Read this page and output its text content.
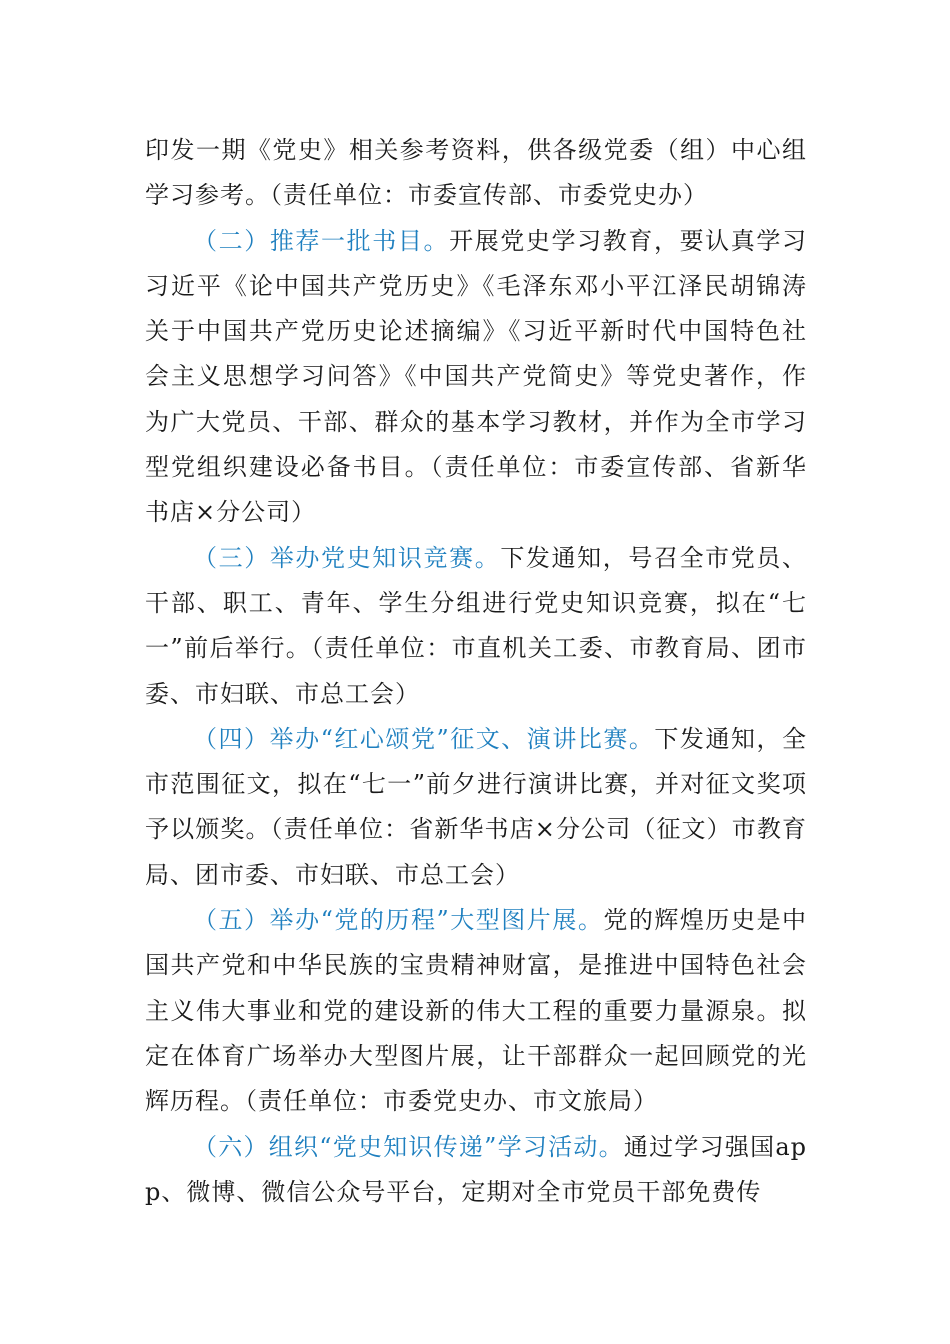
印发一期《党史》相关参考资料，供各级党委（组）中心组学习参考。（责任单位：市委宣传部、市委党史办）

（二）推荐一批书目。开展党史学习教育，要认真学习习近平《论中国共产党历史》《毛泽东邓小平江泽民胡锦涛关于中国共产党历史论述摘编》《习近平新时代中国特色社会主义思想学习问答》《中国共产党简史》等党史著作，作为广大党员、干部、群众的基本学习教材，并作为全市学习型党组织建设必备书目。（责任单位：市委宣传部、省新华书店×分公司）

（三）举办党史知识竞赛。下发通知，号召全市党员、干部、职工、青年、学生分组进行党史知识竞赛，拟在“七一”前后举行。（责任单位：市直机关工委、市教育局、团市委、市妇联、市总工会）

（四）举办“红心颂党”征文、演讲比赛。下发通知，全市范围征文，拟在“七一”前夕进行演讲比赛，并对征文奖项予以颁奖。（责任单位：省新华书店×分公司（征文）市教育局、团市委、市妇联、市总工会）

（五）举办“党的历程”大型图片展。党的辉煌历史是中国共产党和中华民族的宝贵精神财富，是推进中国特色社会主义伟大事业和党的建设新的伟大工程的重要力量源泉。拟定在体育广场举办大型图片展，让干部群众一起回顾党的光辉历程。（责任单位：市委党史办、市文旅局）

（六）组织“党史知识传递”学习活动。通过学习强国app、微博、微信公众号平台，定期对全市党员干部免费传
